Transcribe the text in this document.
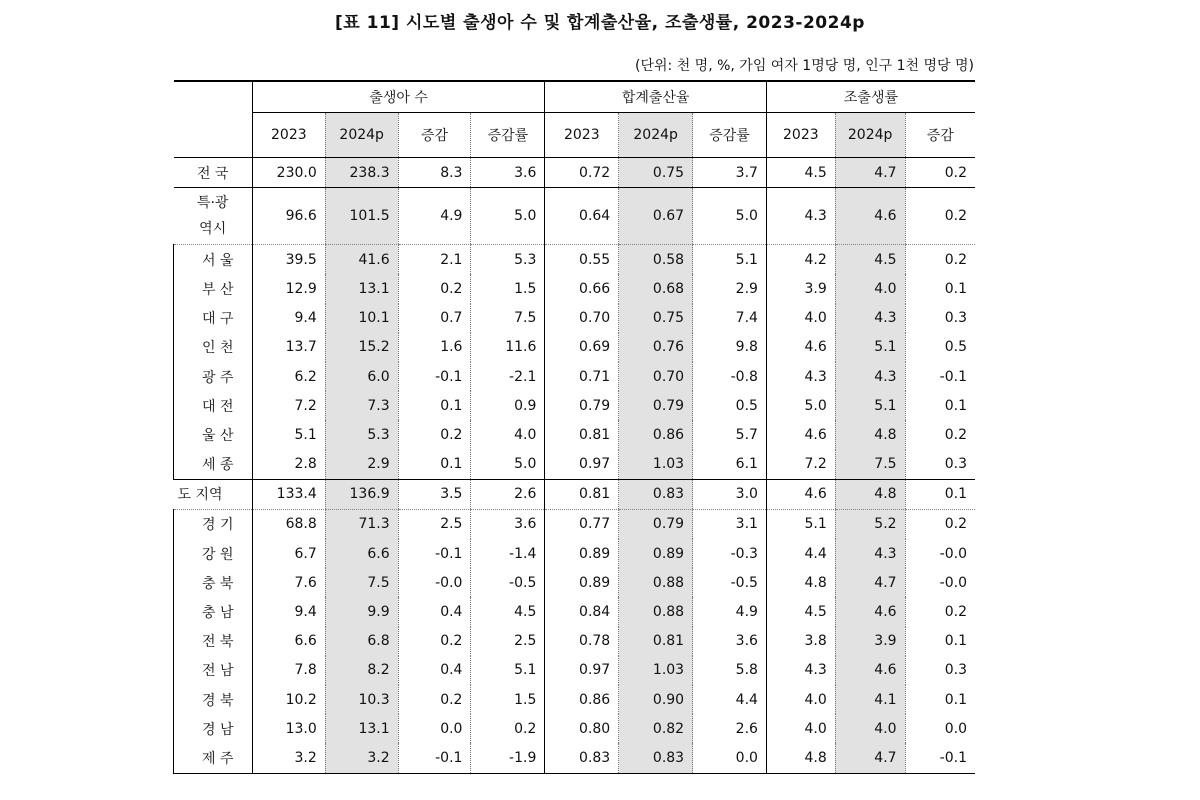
[표 11] 시도별 출생아 수 및 합계출산율, 조출생률, 2023-2024p
(단위: 천 명, %, 가임 여자 1명당 명, 인구 1천 명당 명)
	출생아 수				합계출산율			조출생률		
	2023	2024p	증감	증감률	2023	2024p	증감률	2023	2024p	증감
전 국	230.0	238.3	8.3	3.6	0.72	0.75	3.7	4.5	4.7	0.2
특·광역시	96.6	101.5	4.9	5.0	0.64	0.67	5.0	4.3	4.6	0.2
서 울	39.5	41.6	2.1	5.3	0.55	0.58	5.1	4.2	4.5	0.2
부 산	12.9	13.1	0.2	1.5	0.66	0.68	2.9	3.9	4.0	0.1
대 구	9.4	10.1	0.7	7.5	0.70	0.75	7.4	4.0	4.3	0.3
인 천	13.7	15.2	1.6	11.6	0.69	0.76	9.8	4.6	5.1	0.5
광 주	6.2	6.0	-0.1	-2.1	0.71	0.70	-0.8	4.3	4.3	-0.1
대 전	7.2	7.3	0.1	0.9	0.79	0.79	0.5	5.0	5.1	0.1
울 산	5.1	5.3	0.2	4.0	0.81	0.86	5.7	4.6	4.8	0.2
세 종	2.8	2.9	0.1	5.0	0.97	1.03	6.1	7.2	7.5	0.3
도 지역	133.4	136.9	3.5	2.6	0.81	0.83	3.0	4.6	4.8	0.1
경 기	68.8	71.3	2.5	3.6	0.77	0.79	3.1	5.1	5.2	0.2
강 원	6.7	6.6	-0.1	-1.4	0.89	0.89	-0.3	4.4	4.3	-0.0
충 북	7.6	7.5	-0.0	-0.5	0.89	0.88	-0.5	4.8	4.7	-0.0
충 남	9.4	9.9	0.4	4.5	0.84	0.88	4.9	4.5	4.6	0.2
전 북	6.6	6.8	0.2	2.5	0.78	0.81	3.6	3.8	3.9	0.1
전 남	7.8	8.2	0.4	5.1	0.97	1.03	5.8	4.3	4.6	0.3
경 북	10.2	10.3	0.2	1.5	0.86	0.90	4.4	4.0	4.1	0.1
경 남	13.0	13.1	0.0	0.2	0.80	0.82	2.6	4.0	4.0	0.0
제 주	3.2	3.2	-0.1	-1.9	0.83	0.83	0.0	4.8	4.7	-0.1
